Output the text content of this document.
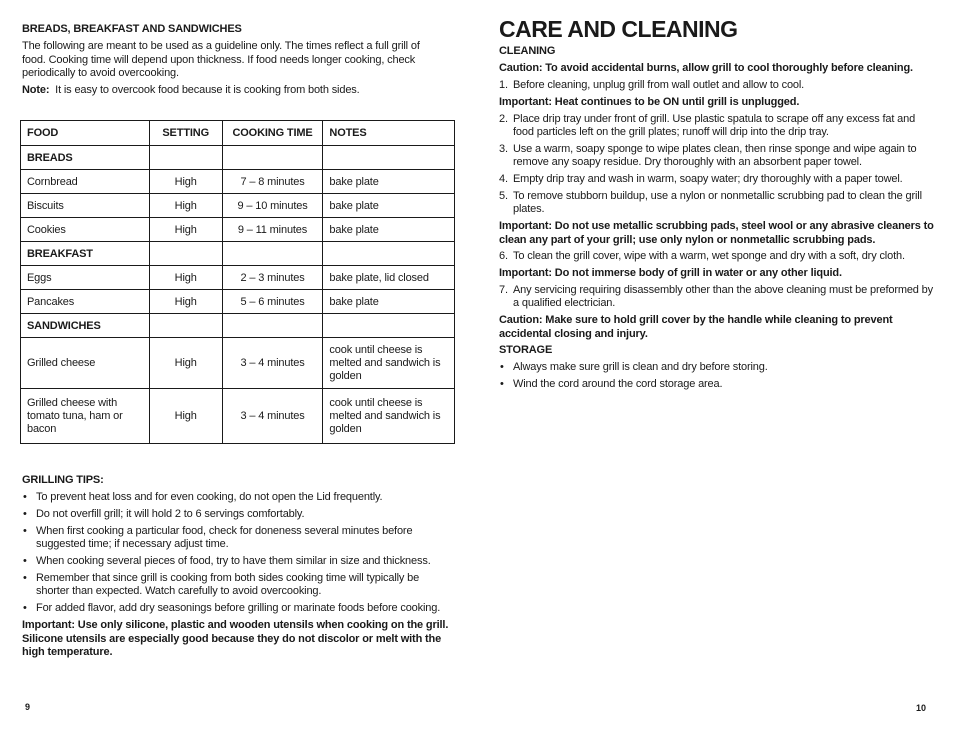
BREADS, BREAKFAST AND SANDWICHES
The following are meant to be used as a guideline only. The times reflect a full grill of food. Cooking time will depend upon thickness. If food needs longer cooking, check periodically to avoid overcooking.
Note: It is easy to overcook food because it is cooking from both sides.
FOOD	SETTING	COOKING TIME	NOTES
BREADS			
Cornbread	High	7 – 8 minutes	bake plate
Biscuits	High	9 – 10 minutes	bake plate
Cookies	High	9 – 11 minutes	bake plate
BREAKFAST			
Eggs	High	2 – 3 minutes	bake plate, lid closed
Pancakes	High	5 – 6 minutes	bake plate
SANDWICHES			
Grilled cheese	High	3 – 4 minutes	cook until cheese is melted and sandwich is golden
Grilled cheese with tomato tuna, ham or bacon	High	3 – 4 minutes	cook until cheese is melted and sandwich is golden
GRILLING TIPS:
• To prevent heat loss and for even cooking, do not open the Lid frequently.
• Do not overfill grill; it will hold 2 to 6 servings comfortably.
• When first cooking a particular food, check for doneness several minutes before suggested time; if necessary adjust time.
• When cooking several pieces of food, try to have them similar in size and thickness.
• Remember that since grill is cooking from both sides cooking time will typically be shorter than expected. Watch carefully to avoid overcooking.
• For added flavor, add dry seasonings before grilling or marinate foods before cooking.
Important: Use only silicone, plastic and wooden utensils when cooking on the grill. Silicone utensils are especially good because they do not discolor or melt with the high temperature.
9
CARE AND CLEANING
CLEANING
Caution: To avoid accidental burns, allow grill to cool thoroughly before cleaning.
1. Before cleaning, unplug grill from wall outlet and allow to cool.
Important: Heat continues to be ON until grill is unplugged.
2. Place drip tray under front of grill. Use plastic spatula to scrape off any excess fat and food particles left on the grill plates; runoff will drip into the drip tray.
3. Use a warm, soapy sponge to wipe plates clean, then rinse sponge and wipe again to remove any soapy residue. Dry thoroughly with an absorbent paper towel.
4. Empty drip tray and wash in warm, soapy water; dry thoroughly with a paper towel.
5. To remove stubborn buildup, use a nylon or nonmetallic scrubbing pad to clean the grill plates.
Important: Do not use metallic scrubbing pads, steel wool or any abrasive cleaners to clean any part of your grill; use only nylon or nonmetallic scrubbing pads.
6. To clean the grill cover, wipe with a warm, wet sponge and dry with a soft, dry cloth.
Important: Do not immerse body of grill in water or any other liquid.
7. Any servicing requiring disassembly other than the above cleaning must be preformed by a qualified electrician.
Caution: Make sure to hold grill cover by the handle while cleaning to prevent accidental closing and injury.
STORAGE
• Always make sure grill is clean and dry before storing.
• Wind the cord around the cord storage area.
10
